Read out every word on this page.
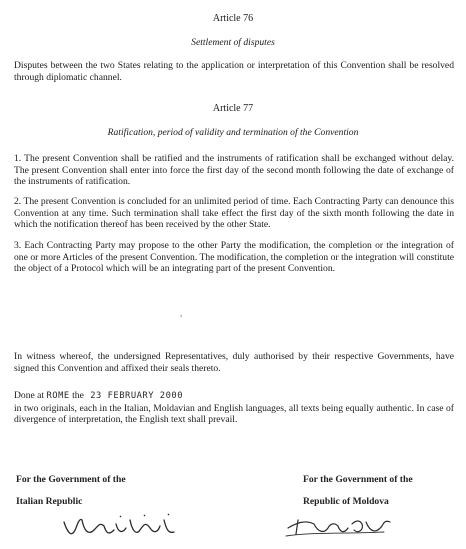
Article 76
Settlement of disputes

Disputes between the two States relating to the application or interpretation of this Convention shall be resolved through diplomatic channel.

Article 77
Ratification, period of validity and termination of the Convention

1. The present Convention shall be ratified and the instruments of ratification shall be exchanged without delay. The present Convention shall enter into force the first day of the second month following the date of exchange of the instruments of ratification.

2. The present Convention is concluded for an unlimited period of time. Each Contracting Party can denounce this Convention at any time. Such termination shall take effect the first day of the sixth month following the date in which the notification thereof has been received by the other State.

3. Each Contracting Party may propose to the other Party the modification, the completion or the integration of one or more Articles of the present Convention. The modification, the completion or the integration will constitute the object of a Protocol which will be an integrating part of the present Convention.

,

In witness whereof, the undersigned Representatives, duly authorised by their respective Governments, have signed this Convention and affixed their seals thereto.

Done at ROME the 23 FEBRUARY 2000
in two originals, each in the Italian, Moldavian and English languages, all texts being equally authentic. In case of divergence of interpretation, the English text shall prevail.

For the Government of the
Italian Republic
For the Government of the
Republic of Moldova
